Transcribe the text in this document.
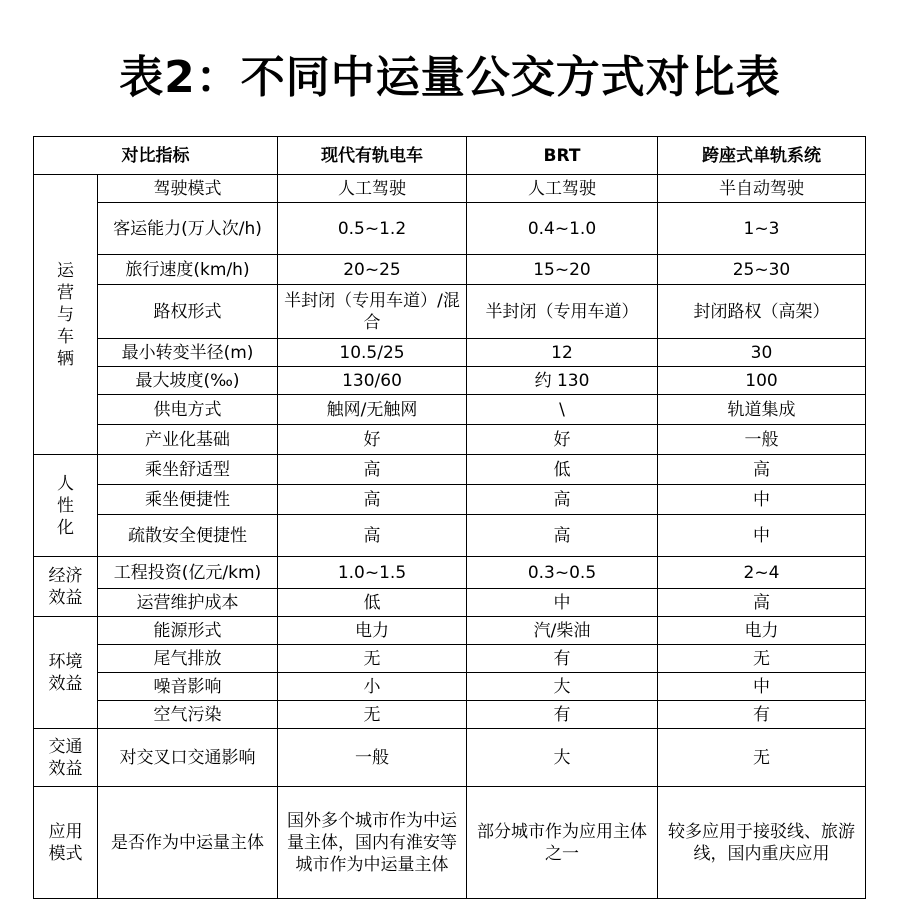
表2：不同中运量公交方式对比表
对比指标		现代有轨电车	BRT	跨座式单轨系统

运
营
与
车
辆	驾驶模式	人工驾驶	人工驾驶	半自动驾驶
	客运能力(万人次/h)	0.5~1.2	0.4~1.0	1~3
	旅行速度(km/h)	20~25	15~20	25~30
	路权形式	半封闭（专用车道）/混合	半封闭（专用车道）	封闭路权（高架）
	最小转变半径(m)	10.5/25	12	30
	最大坡度(‰)	130/60	约 130	100
	供电方式	触网/无触网	\	轨道集成
	产业化基础	好	好	一般

人
性
化	乘坐舒适型	高	低	高
	乘坐便捷性	高	高	中
	疏散安全便捷性	高	高	中

经济
效益	工程投资(亿元/km)	1.0~1.5	0.3~0.5	2~4
	运营维护成本	低	中	高

环境
效益	能源形式	电力	汽/柴油	电力
	尾气排放	无	有	无
	噪音影响	小	大	中
	空气污染	无	有	有

交通
效益	对交叉口交通影响	一般	大	无

应用
模式	是否作为中运量主体	国外多个城市作为中运量主体，国内有淮安等城市作为中运量主体	部分城市作为应用主体之一	较多应用于接驳线、旅游线，国内重庆应用
